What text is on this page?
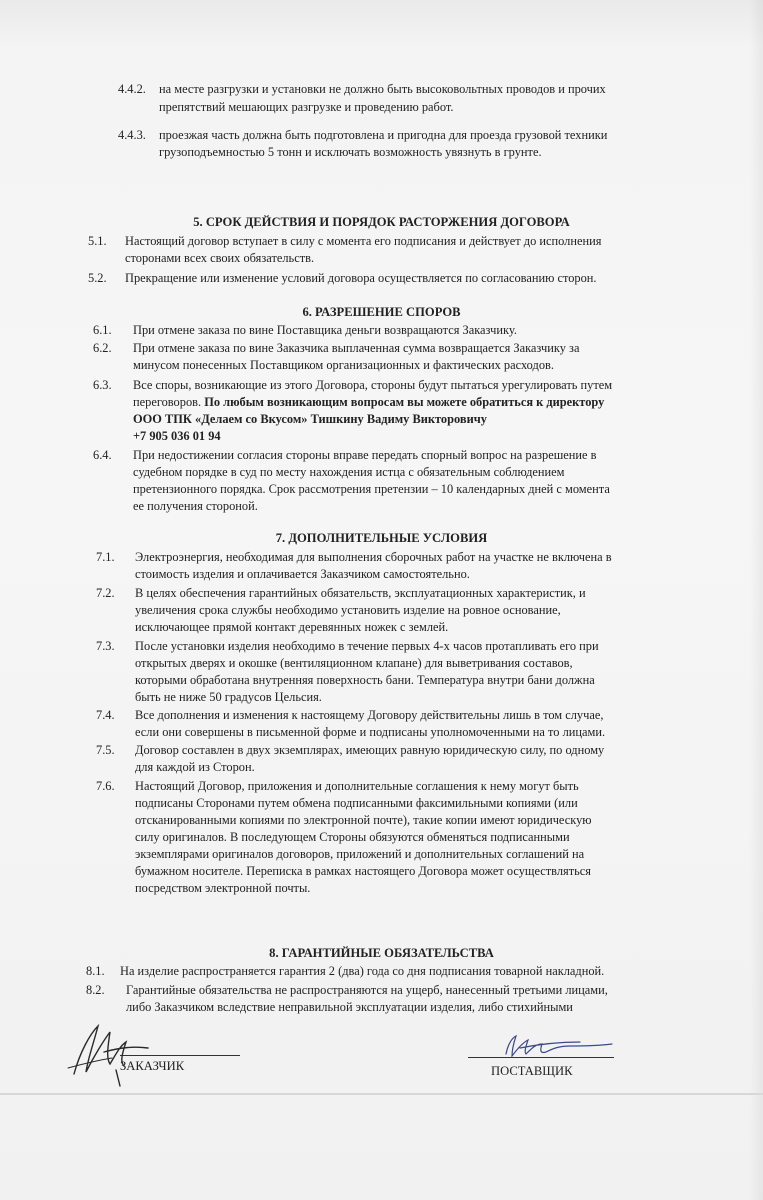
4.4.2. на месте разгрузки и установки не должно быть высоковольтных проводов и прочих
препятствий мешающих разгрузке и проведению работ.
4.4.3. проезжая часть должна быть подготовлена и пригодна для проезда грузовой техники
грузоподъемностью 5 тонн и исключать возможность увязнуть в грунте.
5. СРОК ДЕЙСТВИЯ И ПОРЯДОК РАСТОРЖЕНИЯ ДОГОВОРА
5.1. Настоящий договор вступает в силу с момента его подписания и действует до исполнения
сторонами всех своих обязательств.
5.2. Прекращение или изменение условий договора осуществляется по согласованию сторон.
6. РАЗРЕШЕНИЕ СПОРОВ
6.1. При отмене заказа по вине Поставщика деньги возвращаются Заказчику.
6.2. При отмене заказа по вине Заказчика выплаченная сумма возвращается Заказчику за
минусом понесенных Поставщиком организационных и фактических расходов.
6.3. Все споры, возникающие из этого Договора, стороны будут пытаться урегулировать путем
переговоров. По любым возникающим вопросам вы можете обратиться к директору
ООО ТПК «Делаем со Вкусом» Тишкину Вадиму Викторовичу
+7 905 036 01 94
6.4. При недостижении согласия стороны вправе передать спорный вопрос на разрешение в
судебном порядке в суд по месту нахождения истца с обязательным соблюдением
претензионного порядка. Срок рассмотрения претензии – 10 календарных дней с момента
ее получения стороной.
7. ДОПОЛНИТЕЛЬНЫЕ УСЛОВИЯ
7.1. Электроэнергия, необходимая для выполнения сборочных работ на участке не включена в
стоимость изделия и оплачивается Заказчиком самостоятельно.
7.2. В целях обеспечения гарантийных обязательств, эксплуатационных характеристик, и
увеличения срока службы необходимо установить изделие на ровное основание,
исключающее прямой контакт деревянных ножек с землей.
7.3. После установки изделия необходимо в течение первых 4-х часов протапливать его при
открытых дверях и окошке (вентиляционном клапане) для выветривания составов,
которыми обработана внутренняя поверхность бани. Температура внутри бани должна
быть не ниже 50 градусов Цельсия.
7.4. Все дополнения и изменения к настоящему Договору действительны лишь в том случае,
если они совершены в письменной форме и подписаны уполномоченными на то лицами.
7.5. Договор составлен в двух экземплярах, имеющих равную юридическую силу, по одному
для каждой из Сторон.
7.6. Настоящий Договор, приложения и дополнительные соглашения к нему могут быть
подписаны Сторонами путем обмена подписанными факсимильными копиями (или
отсканированными копиями по электронной почте), такие копии имеют юридическую
силу оригиналов. В последующем Стороны обязуются обменяться подписанными
экземплярами оригиналов договоров, приложений и дополнительных соглашений на
бумажном носителе. Переписка в рамках настоящего Договора может осуществляться
посредством электронной почты.
8. ГАРАНТИЙНЫЕ ОБЯЗАТЕЛЬСТВА
8.1. На изделие распространяется гарантия 2 (два) года со дня подписания товарной накладной.
8.2. Гарантийные обязательства не распространяются на ущерб, нанесенный третьими лицами,
либо Заказчиком вследствие неправильной эксплуатации изделия, либо стихийными
ЗАКАЗЧИК	ПОСТАВЩИК
